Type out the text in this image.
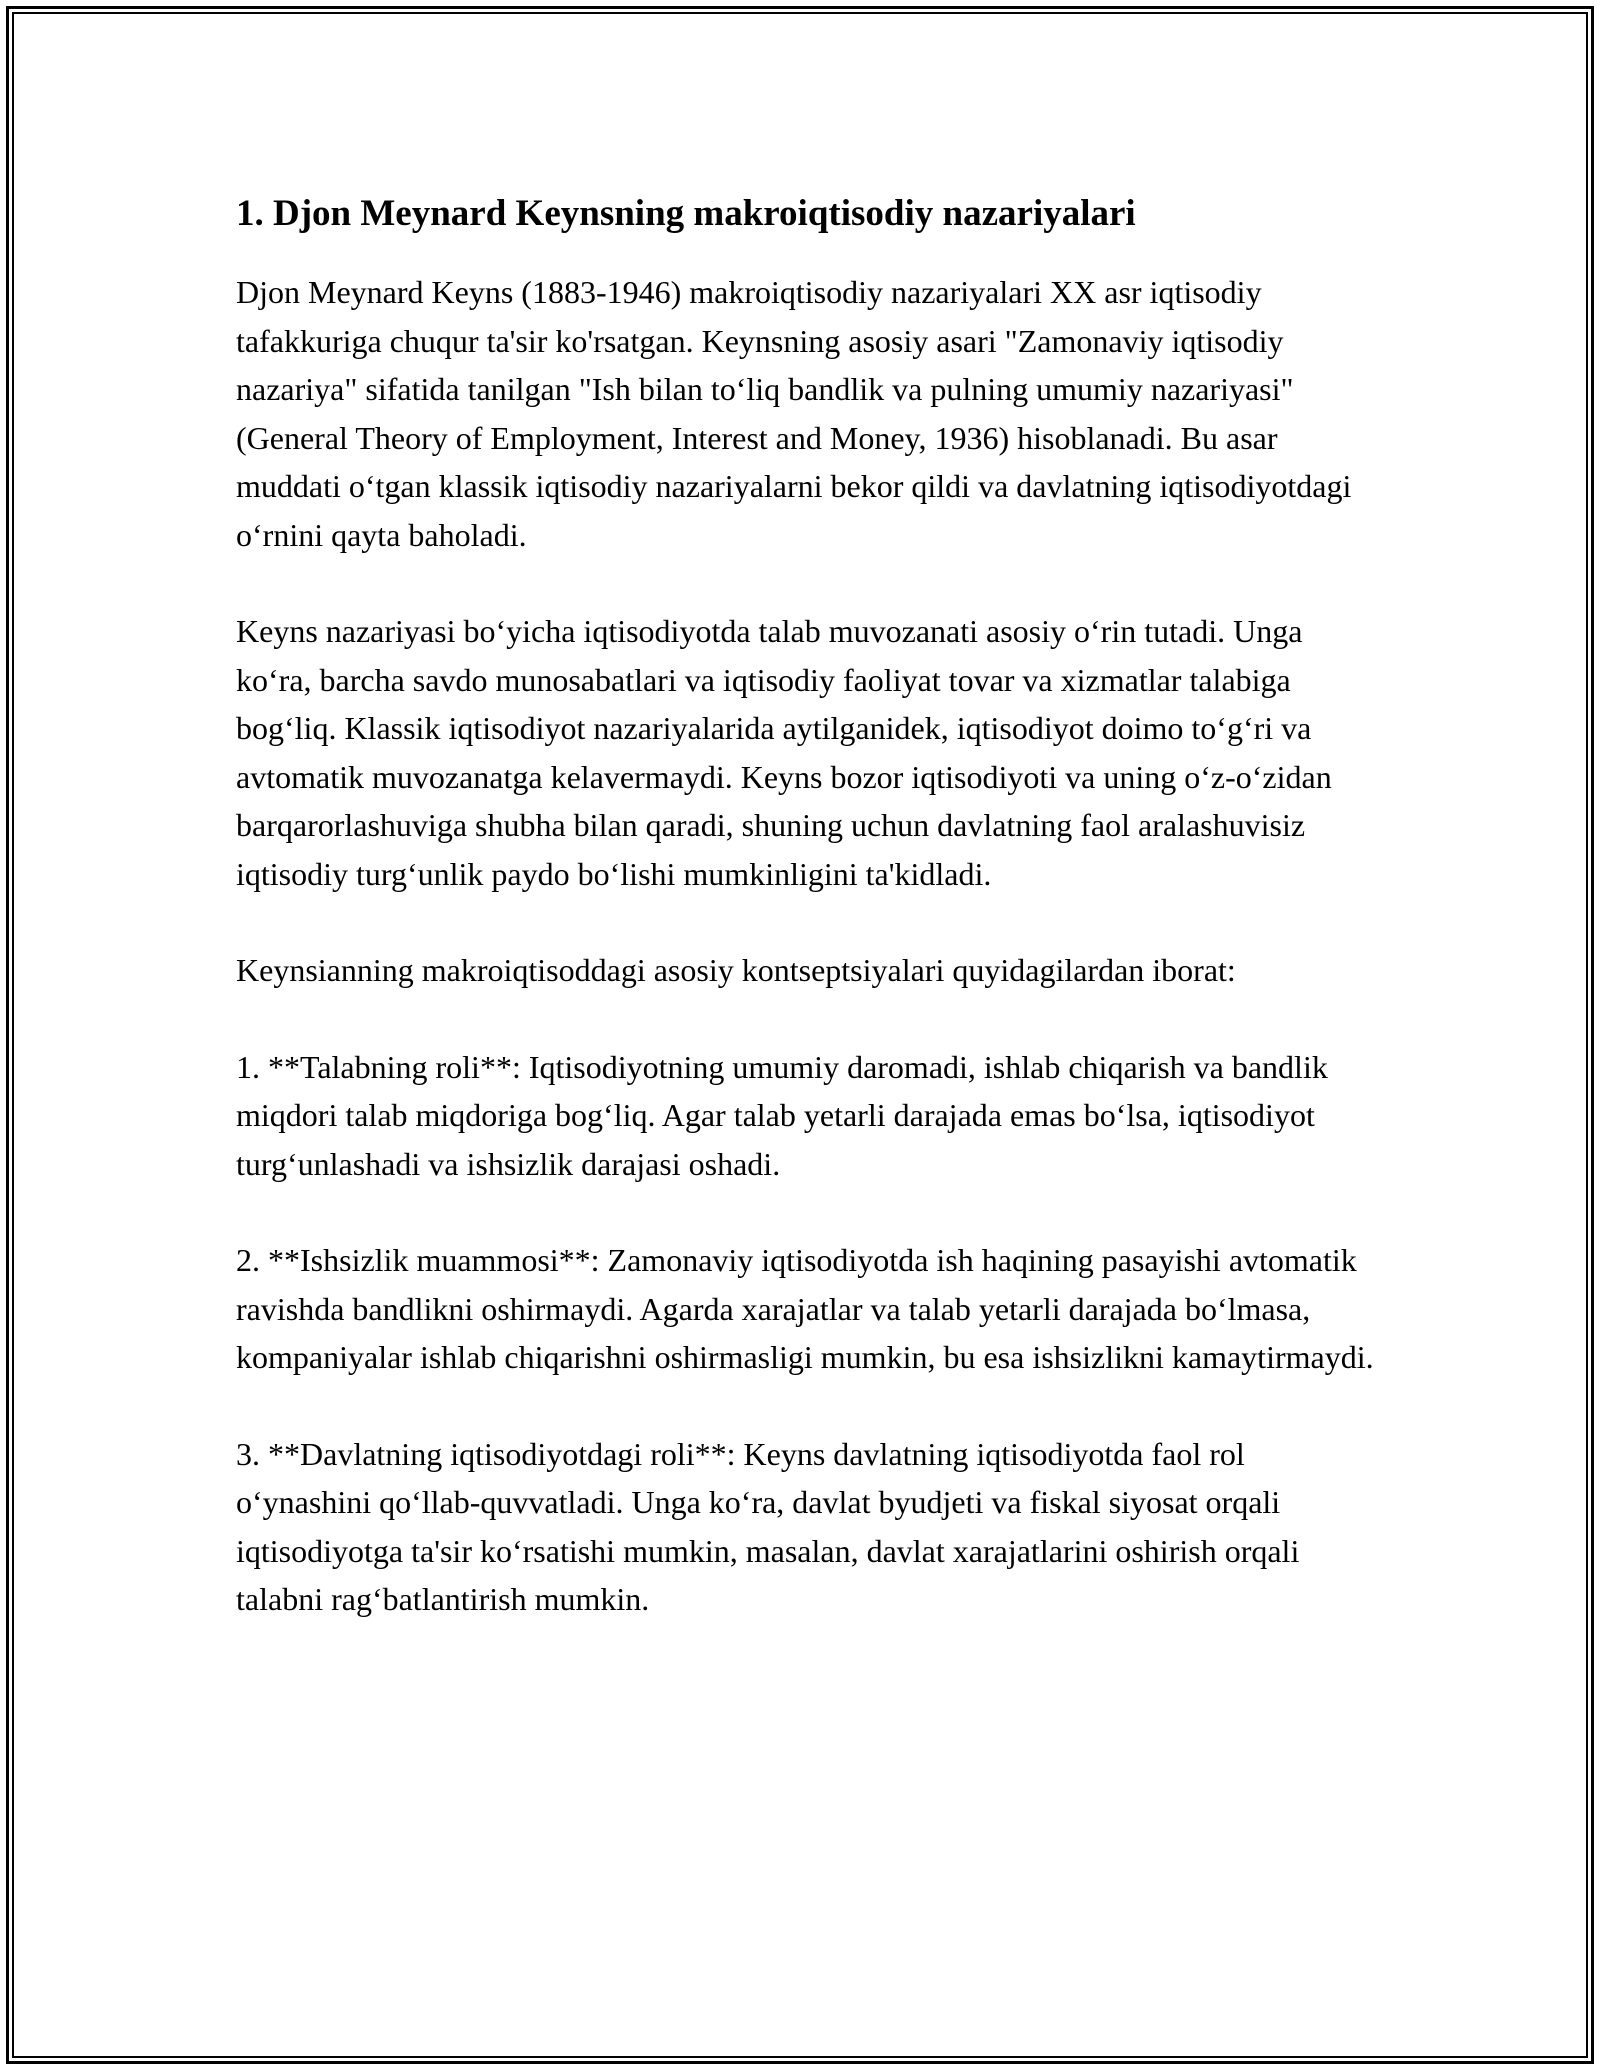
1. Djon Meynard Keynsning makroiqtisodiy nazariyalari

Djon Meynard Keyns (1883-1946) makroiqtisodiy nazariyalari XX asr iqtisodiy tafakkuriga chuqur ta'sir ko'rsatgan. Keynsning asosiy asari "Zamonaviy iqtisodiy nazariya" sifatida tanilgan "Ish bilan to‘liq bandlik va pulning umumiy nazariyasi" (General Theory of Employment, Interest and Money, 1936) hisoblanadi. Bu asar muddati o‘tgan klassik iqtisodiy nazariyalarni bekor qildi va davlatning iqtisodiyotdagi o‘rnini qayta baholadi.

Keyns nazariyasi bo‘yicha iqtisodiyotda talab muvozanati asosiy o‘rin tutadi. Unga ko‘ra, barcha savdo munosabatlari va iqtisodiy faoliyat tovar va xizmatlar talabiga bog‘liq. Klassik iqtisodiyot nazariyalarida aytilganidek, iqtisodiyot doimo to‘g‘ri va avtomatik muvozanatga kelavermaydi. Keyns bozor iqtisodiyoti va uning o‘z-o‘zidan barqarorlashuviga shubha bilan qaradi, shuning uchun davlatning faol aralashuvisiz iqtisodiy turg‘unlik paydo bo‘lishi mumkinligini ta'kidladi.

Keynsianning makroiqtisoddagi asosiy kontseptsiyalari quyidagilardan iborat:

1. **Talabning roli**: Iqtisodiyotning umumiy daromadi, ishlab chiqarish va bandlik miqdori talab miqdoriga bog‘liq. Agar talab yetarli darajada emas bo‘lsa, iqtisodiyot turg‘unlashadi va ishsizlik darajasi oshadi.

2. **Ishsizlik muammosi**: Zamonaviy iqtisodiyotda ish haqining pasayishi avtomatik ravishda bandlikni oshirmaydi. Agarda xarajatlar va talab yetarli darajada bo‘lmasa, kompaniyalar ishlab chiqarishni oshirmasligi mumkin, bu esa ishsizlikni kamaytirmaydi.

3. **Davlatning iqtisodiyotdagi roli**: Keyns davlatning iqtisodiyotda faol rol o‘ynashini qo‘llab-quvvatladi. Unga ko‘ra, davlat byudjeti va fiskal siyosat orqali iqtisodiyotga ta'sir ko‘rsatishi mumkin, masalan, davlat xarajatlarini oshirish orqali talabni rag‘batlantirish mumkin.
